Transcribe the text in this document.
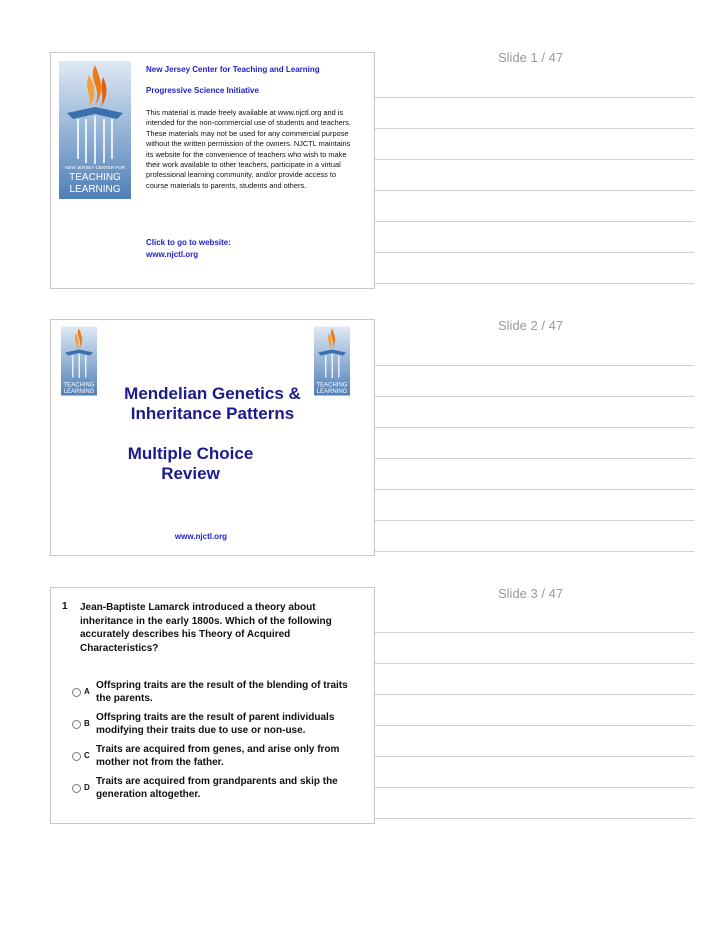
Slide 1 / 47
NEW JERSEY CENTER FOR
TEACHING
LEARNING
New Jersey Center for Teaching and Learning
Progressive Science Initiative
This material is made freely available at www.njctl.org and is intended for the non-commercial use of students and teachers. These materials may not be used for any commercial purpose without the written permission of the owners. NJCTL maintains its website for the convenience of teachers who wish to make their work available to other teachers, participate in a virtual professional learning community, and/or provide access to course materials to parents, students and others.
Click to go to website:
www.njctl.org
Slide 2 / 47
TEACHING
LEARNING
TEACHING
LEARNING
Mendelian Genetics &
Inheritance Patterns
Multiple Choice
Review
www.njctl.org
Slide 3 / 47
1 Jean-Baptiste Lamarck introduced a theory about inheritance in the early 1800s. Which of the following accurately describes his Theory of Acquired Characteristics?
A
Offspring traits are the result of the blending of traits
the parents.
B
Offspring traits are the result of parent individuals
modifying their traits due to use or non-use.
C
Traits are acquired from genes, and arise only from
mother not from the father.
D
Traits are acquired from grandparents and skip the
generation altogether.
